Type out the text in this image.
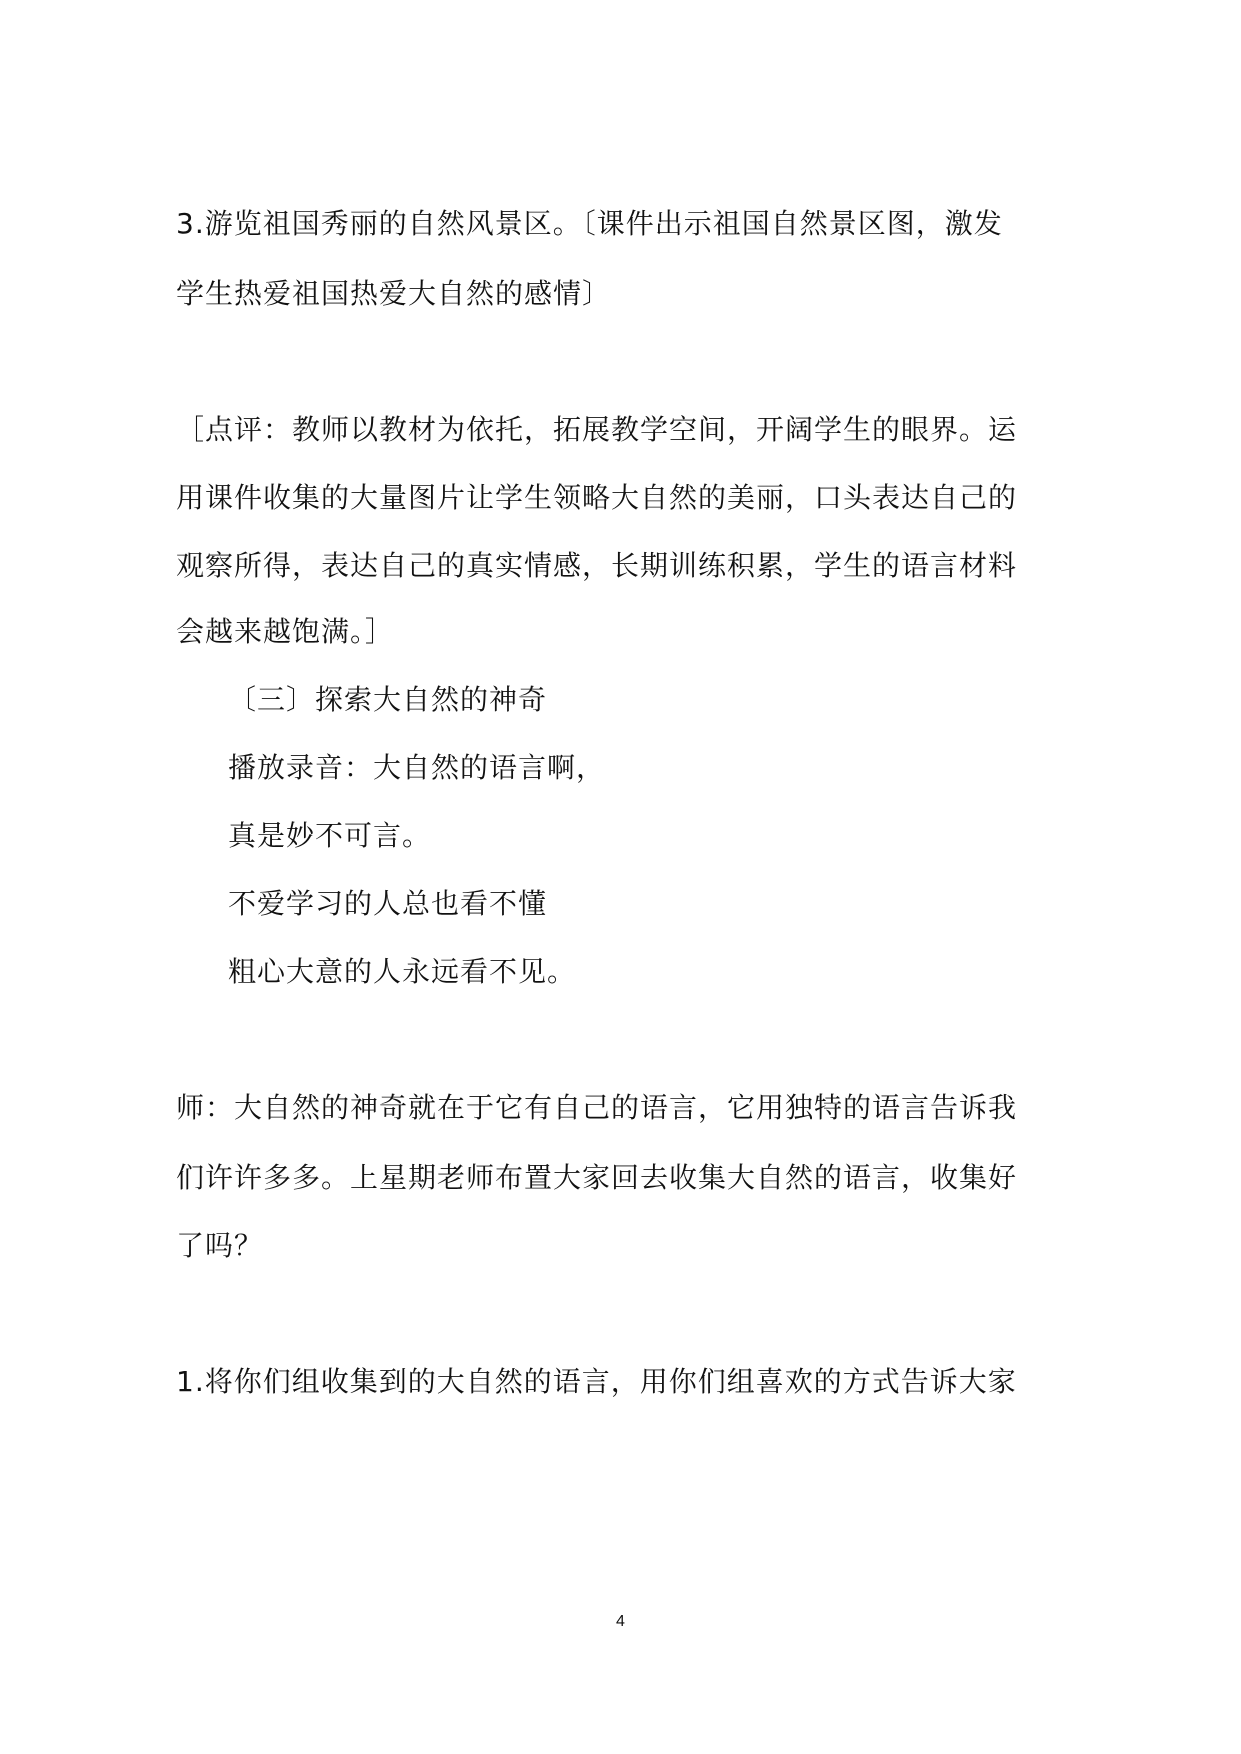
3.游览祖国秀丽的自然风景区。〔课件出示祖国自然景区图，激发
学生热爱祖国热爱大自然的感情〕
［点评：教师以教材为依托，拓展教学空间，开阔学生的眼界。运
用课件收集的大量图片让学生领略大自然的美丽，口头表达自己的
观察所得，表达自己的真实情感，长期训练积累，学生的语言材料
会越来越饱满。］
〔三〕探索大自然的神奇
播放录音：大自然的语言啊，
真是妙不可言。
不爱学习的人总也看不懂
粗心大意的人永远看不见。
师：大自然的神奇就在于它有自己的语言，它用独特的语言告诉我
们许许多多。上星期老师布置大家回去收集大自然的语言，收集好
了吗？
1.将你们组收集到的大自然的语言，用你们组喜欢的方式告诉大家
4
